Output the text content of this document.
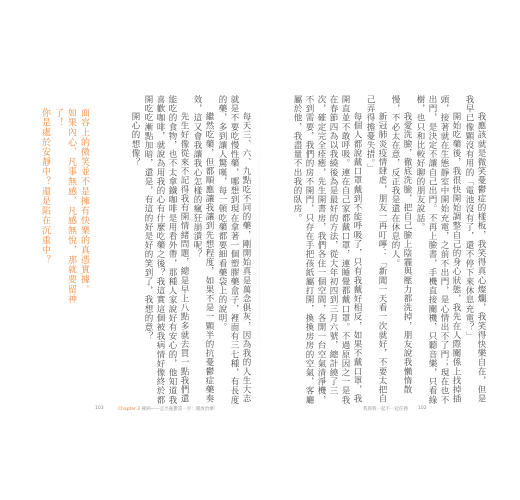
我應該就是微笑憂鬱症的樣板，我笑得真心燦爛，我笑得快樂自在，但是我早已像顆沒有用的「電池沒有了，還不停下來休息充電？」

開始吃藥後，我很快開始調整自己的身心狀態，我先在人際關係上找掉插頭，接著就在生態靜室中開始充電，之前不出門，是心情出不了門；現在也不出門，是決定不讓自己出門。不再上臉書，手機直接關機，只聽音樂，只看綠樹，也只和比較好聊的朋友說話。

我愛洗臉，徹底洗臉，把自己臉上陰霾與壓力都洗掉，朋友說我懶惰散慢，不必太在意，反正我是還在休息的人。

新冠肺炎疫情肆虐，朋友一再叮嚀：「新聞一天看一次就好，不要太把自己弄得擔憂失措。」

每個人都說戴口罩戴到不能呼吸了，只有我戴好相反，如果不戴口罩，我開直並不敢呼吸。連在自己家都戴口罩，連睡覺都戴口罩。不過原因之一是我在春節四為以我繞後為是最好的方法，從大年初四到三月六號，總計繞了三次，確定完全痊癒，先生開書房，我們各住一個空間，各開一台空氣清淨機，不到需要，我們的房不開門，只存在手把孩紙屬打開，換換房房的空氣，客廳屬於他，我盡量不出我的臥房。

每天三、六、九點吃不同的藥，剛開始真是萬念俱灰，因為我的人生大志就是不要吃慢性藥，哪想到現在拿著一個塑膠藥盒子，裡面有三七種，有長度的藥，多到讓人驚嘆，每一頓吃藥都要細看藥袋上的說明。

繼然吃藥，但都順應讓我讓到先想程度，如果不是一顆半的抗憂鬱症藥奏效，這又會我讓我心怎樣的瘋狂崩潰呢？

先生好像從來不記得我有開情緒問題，總是早上八點多就去買一點我們還能吃的食物，也不太拿鐵咖啡是用看外帶，那種人家說好有安心的，他知道我喜歡咖啡，就說為用我的心有什麼吃藥之後？我這實這個被我病情好像終於都開吃吃漸點加暗，還是，有這的好是好的笑到了，我想的意？

開心的想像？

面容上的微笑並不是擁有快樂的真憑實據。

如果內心、凡事無感、凡感無悅，那就要留神了！

你是處於安靜中？還是陷在沉重中？

103	Chapter 2 罹病——走出憂鬱第一步：開放治療！	我與我一起不一起任務 102
